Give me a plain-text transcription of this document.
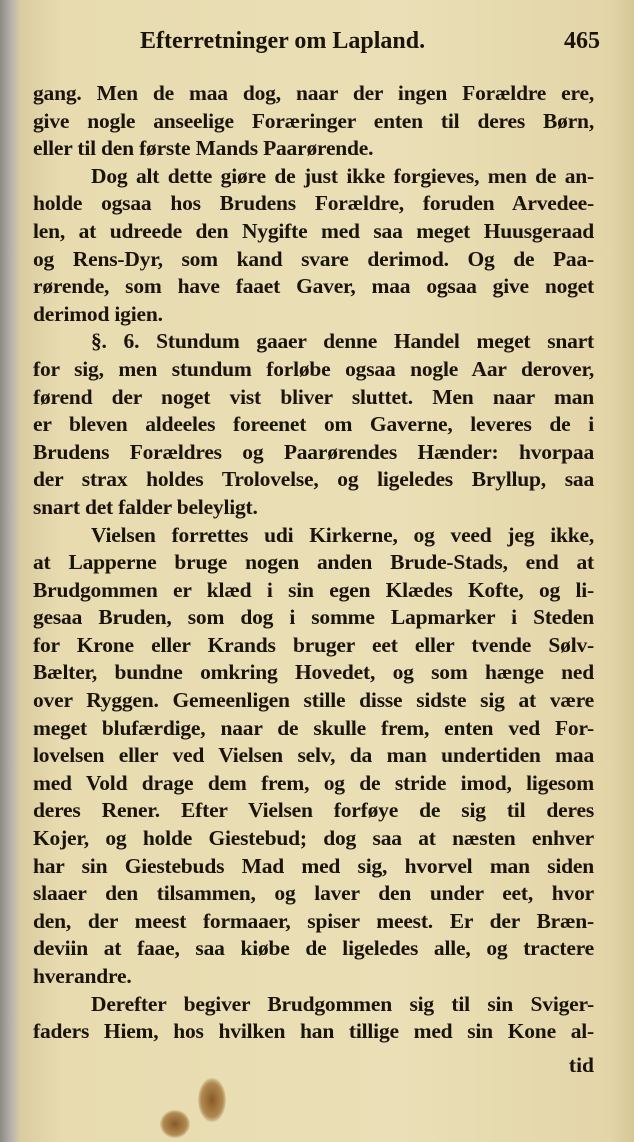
Efterretninger om Lapland.	465
gang. Men de maa dog, naar der ingen Forældre ere,
give nogle anseelige Foræringer enten til deres Børn,
eller til den første Mands Paarørende.
Dog alt dette giøre de just ikke forgieves, men de an-
holde ogsaa hos Brudens Forældre, foruden Arvedee-
len, at udreede den Nygifte med saa meget Huusgeraad
og Rens-Dyr, som kand svare derimod. Og de Paa-
rørende, som have faaet Gaver, maa ogsaa give noget
derimod igien.
§. 6. Stundum gaaer denne Handel meget snart
for sig, men stundum forløbe ogsaa nogle Aar derover,
førend der noget vist bliver sluttet. Men naar man
er bleven aldeeles foreenet om Gaverne, leveres de i
Brudens Forældres og Paarørendes Hænder: hvorpaa
der strax holdes Trolovelse, og ligeledes Bryllup, saa
snart det falder beleyligt.
Vielsen forrettes udi Kirkerne, og veed jeg ikke,
at Lapperne bruge nogen anden Brude-Stads, end at
Brudgommen er klæd i sin egen Klædes Kofte, og li-
gesaa Bruden, som dog i somme Lapmarker i Steden
for Krone eller Krands bruger eet eller tvende Sølv-
Bælter, bundne omkring Hovedet, og som hænge ned
over Ryggen. Gemeenligen stille disse sidste sig at være
meget blufærdige, naar de skulle frem, enten ved For-
lovelsen eller ved Vielsen selv, da man undertiden maa
med Vold drage dem frem, og de stride imod, ligesom
deres Rener. Efter Vielsen forføye de sig til deres
Kojer, og holde Giestebud; dog saa at næsten enhver
har sin Giestebuds Mad med sig, hvorvel man siden
slaaer den tilsammen, og laver den under eet, hvor
den, der meest formaaer, spiser meest. Er der Bræn-
deviin at faae, saa kiøbe de ligeledes alle, og tractere
hverandre.
Derefter begiver Brudgommen sig til sin Sviger-
faders Hiem, hos hvilken han tillige med sin Kone al-
tid
